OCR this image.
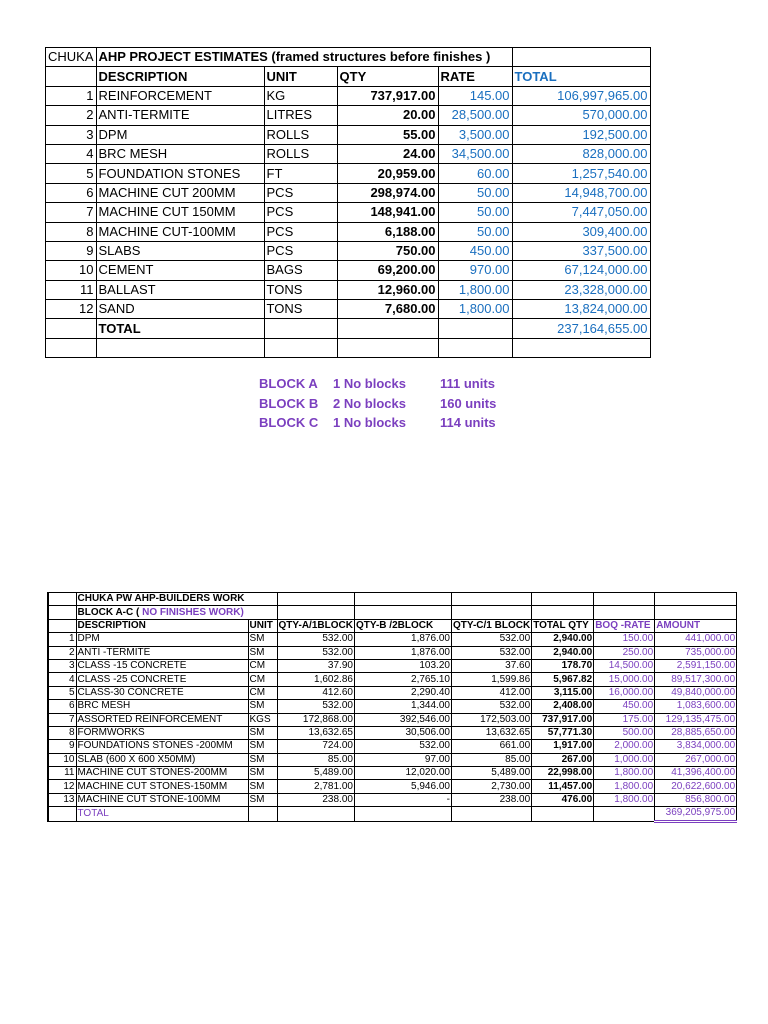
CHUKA	AHP PROJECT ESTIMATES (framed structures before finishes )				
	DESCRIPTION	UNIT	QTY	RATE	TOTAL
1	REINFORCEMENT	KG	737,917.00	145.00	106,997,965.00
2	ANTI-TERMITE	LITRES	20.00	28,500.00	570,000.00
3	DPM	ROLLS	55.00	3,500.00	192,500.00
4	BRC MESH	ROLLS	24.00	34,500.00	828,000.00
5	FOUNDATION STONES	FT	20,959.00	60.00	1,257,540.00
6	MACHINE CUT 200MM	PCS	298,974.00	50.00	14,948,700.00
7	MACHINE CUT 150MM	PCS	148,941.00	50.00	7,447,050.00
8	MACHINE CUT-100MM	PCS	6,188.00	50.00	309,400.00
9	SLABS	PCS	750.00	450.00	337,500.00
10	CEMENT	BAGS	69,200.00	970.00	67,124,000.00
11	BALLAST	TONS	12,960.00	1,800.00	23,328,000.00
12	SAND	TONS	7,680.00	1,800.00	13,824,000.00
	TOTAL				237,164,655.00

BLOCK A 1 No blocks	111 units
BLOCK B 2 No blocks	160 units
BLOCK C 1 No blocks	114 units
	CHUKA PW AHP-BUILDERS WORK							
	BLOCK A-C ( NO FINISHES WORK)							
	DESCRIPTION	UNIT	QTY-A/1BLOCK	QTY-B /2BLOCK	QTY-C/1 BLOCK	TOTAL QTY	BOQ -RATE	AMOUNT
1	DPM	SM	532.00	1,876.00	532.00	2,940.00	150.00	441,000.00
2	ANTI -TERMITE	SM	532.00	1,876.00	532.00	2,940.00	250.00	735,000.00
3	CLASS -15 CONCRETE	CM	37.90	103.20	37.60	178.70	14,500.00	2,591,150.00
4	CLASS -25 CONCRETE	CM	1,602.86	2,765.10	1,599.86	5,967.82	15,000.00	89,517,300.00
5	CLASS-30 CONCRETE	CM	412.60	2,290.40	412.00	3,115.00	16,000.00	49,840,000.00
6	BRC MESH	SM	532.00	1,344.00	532.00	2,408.00	450.00	1,083,600.00
7	ASSORTED REINFORCEMENT	KGS	172,868.00	392,546.00	172,503.00	737,917.00	175.00	129,135,475.00
8	FORMWORKS	SM	13,632.65	30,506.00	13,632.65	57,771.30	500.00	28,885,650.00
9	FOUNDATIONS STONES -200MM	SM	724.00	532.00	661.00	1,917.00	2,000.00	3,834,000.00
10	SLAB (600 X 600 X50MM)	SM	85.00	97.00	85.00	267.00	1,000.00	267,000.00
11	MACHINE CUT STONES-200MM	SM	5,489.00	12,020.00	5,489.00	22,998.00	1,800.00	41,396,400.00
12	MACHINE CUT STONES-150MM	SM	2,781.00	5,946.00	2,730.00	11,457.00	1,800.00	20,622,600.00
13	MACHINE CUT STONE-100MM	SM	238.00	-	238.00	476.00	1,800.00	856,800.00
	TOTAL							369,205,975.00
